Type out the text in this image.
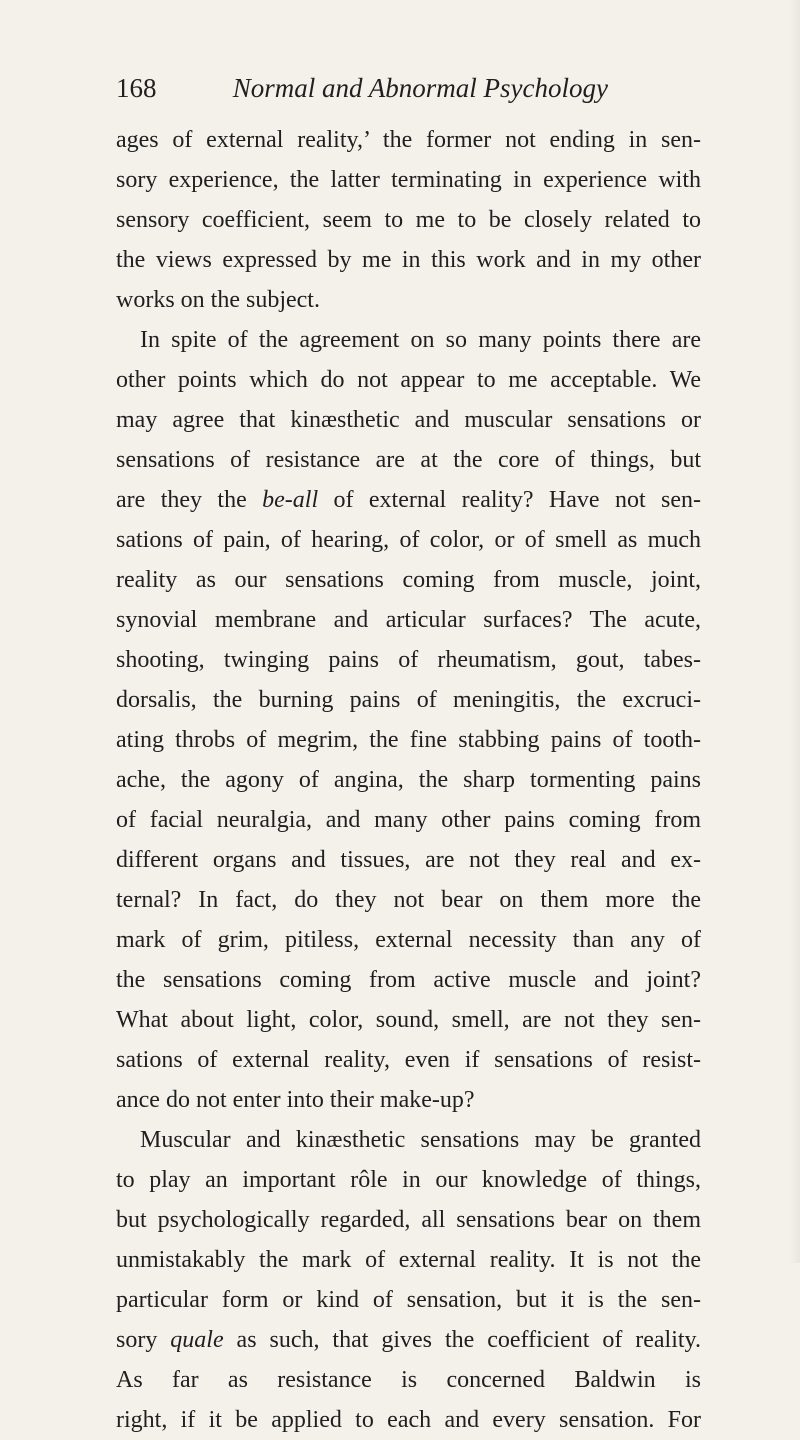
168	Normal and Abnormal Psychology
ages of external reality,’ the former not ending in sen-
sory experience, the latter terminating in experience with
sensory coefficient, seem to me to be closely related to
the views expressed by me in this work and in my other
works on the subject.
In spite of the agreement on so many points there are
other points which do not appear to me acceptable. We
may agree that kinæsthetic and muscular sensations or
sensations of resistance are at the core of things, but
are they the be-all of external reality? Have not sen-
sations of pain, of hearing, of color, or of smell as much
reality as our sensations coming from muscle, joint,
synovial membrane and articular surfaces? The acute,
shooting, twinging pains of rheumatism, gout, tabes-
dorsalis, the burning pains of meningitis, the excruci-
ating throbs of megrim, the fine stabbing pains of tooth-
ache, the agony of angina, the sharp tormenting pains
of facial neuralgia, and many other pains coming from
different organs and tissues, are not they real and ex-
ternal? In fact, do they not bear on them more the
mark of grim, pitiless, external necessity than any of
the sensations coming from active muscle and joint?
What about light, color, sound, smell, are not they sen-
sations of external reality, even if sensations of resist-
ance do not enter into their make-up?
Muscular and kinæsthetic sensations may be granted
to play an important rôle in our knowledge of things,
but psychologically regarded, all sensations bear on them
unmistakably the mark of external reality. It is not the
particular form or kind of sensation, but it is the sen-
sory quale as such, that gives the coefficient of reality.
As far as resistance is concerned Baldwin is
right, if it be applied to each and every sensation. For
